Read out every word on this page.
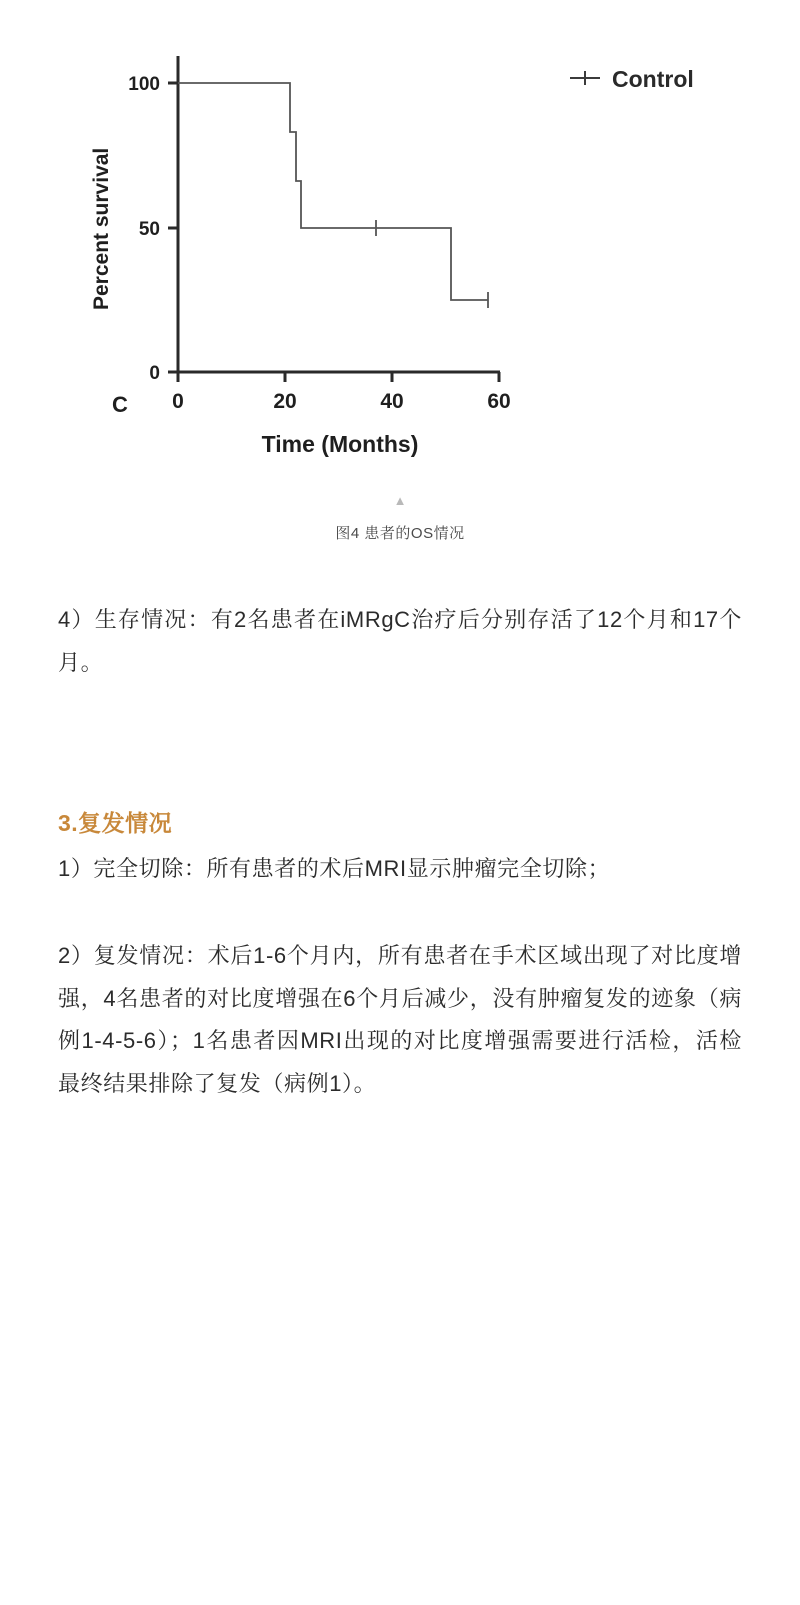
Control
100
50
0
0	20	40	60
Percent survival
Time (Months)
C
▲
图4 患者的OS情况

4）生存情况：有2名患者在iMRgC治疗后分别存活了12个月和17个月。

3.复发情况

1）完全切除：所有患者的术后MRI显示肿瘤完全切除；

2）复发情况：术后1-6个月内，所有患者在手术区域出现了对比度增强，4名患者的对比度增强在6个月后减少，没有肿瘤复发的迹象（病例1-4-5-6）；1名患者因MRI出现的对比度增强需要进行活检，活检最终结果排除了复发（病例1）。
